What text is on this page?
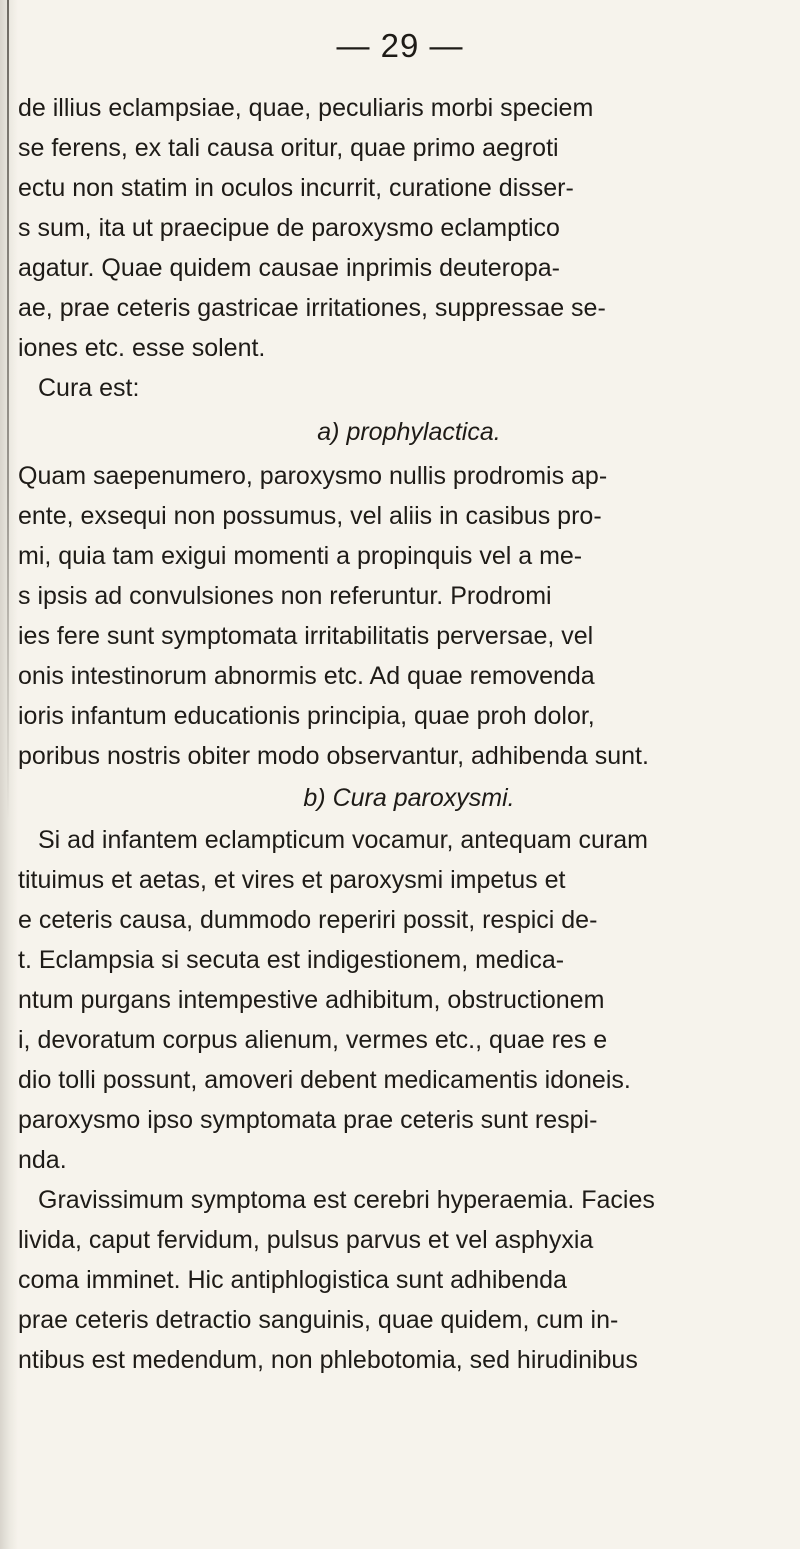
— 29 —
de illius eclampsiae, quae, peculiaris morbi speciem
se ferens, ex tali causa oritur, quae primo aegroti
ectu non statim in oculos incurrit, curatione disser-
s sum, ita ut praecipue de paroxysmo eclamptico
agatur. Quae quidem causae inprimis deuteropa-
ae, prae ceteris gastricae irritationes, suppressae se-
iones etc. esse solent.
Cura est:
a) prophylactica.
Quam saepenumero, paroxysmo nullis prodromis ap-
ente, exsequi non possumus, vel aliis in casibus pro-
mi, quia tam exigui momenti a propinquis vel a me-
s ipsis ad convulsiones non referuntur. Prodromi
ies fere sunt symptomata irritabilitatis perversae, vel
onis intestinorum abnormis etc. Ad quae removenda
ioris infantum educationis principia, quae proh dolor,
poribus nostris obiter modo observantur, adhibenda sunt.
b) Cura paroxysmi.
Si ad infantem eclampticum vocamur, antequam curam
tituimus et aetas, et vires et paroxysmi impetus et
e ceteris causa, dummodo reperiri possit, respici de-
t. Eclampsia si secuta est indigestionem, medica-
ntum purgans intempestive adhibitum, obstructionem
i, devoratum corpus alienum, vermes etc., quae res e
dio tolli possunt, amoveri debent medicamentis idoneis.
paroxysmo ipso symptomata prae ceteris sunt respi-
nda.
Gravissimum symptoma est cerebri hyperaemia. Facies
livida, caput fervidum, pulsus parvus et vel asphyxia
coma imminet. Hic antiphlogistica sunt adhibenda
prae ceteris detractio sanguinis, quae quidem, cum in-
ntibus est medendum, non phlebotomia, sed hirudinibus
